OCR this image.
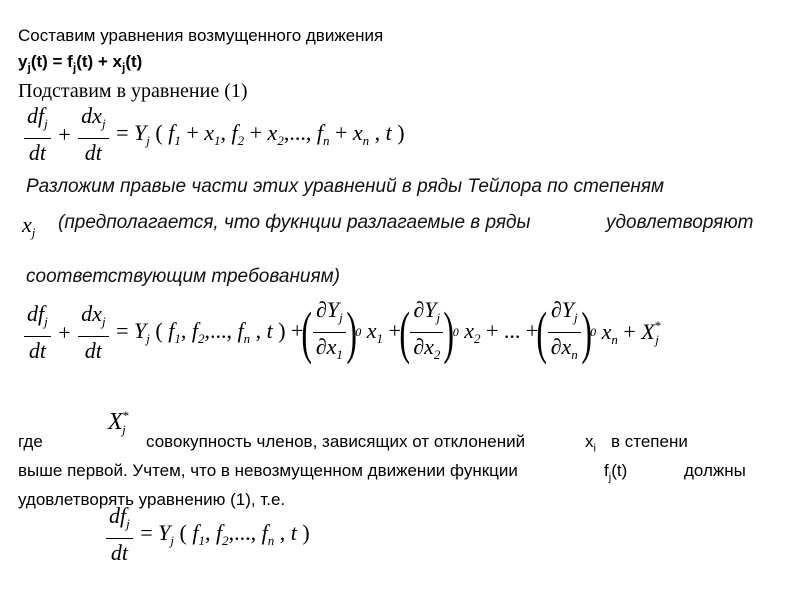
Составим уравнения возмущенного движения
$y_j(t) = f_j(t) + x_j(t)$
Подставим в уравнение (1)
$\frac{df_j}{dt} + \frac{dx_j}{dt} = Y_j$ ( $f_1 + x_1$, $f_2 + x_2$,..., $f_n + x_n$ , t )
Разложим правые части этих уравнений в ряды Тейлора по степеням
$x_j$ (предполагается, что фукнции разлагаемые в ряды	удовлетворяют
соответствующим требованиям)
$\frac{df_j}{dt} + \frac{dx_j}{dt} = Y_j$ ( $f_1$, $f_2$,..., $f_n$ , t ) +
( $\frac{\partial Y_j}{\partial x_1}$ )
0 $x_1$ +
( $\frac{\partial Y_j}{\partial x_2}$ )
0 $x_2$ + ... +
( $\frac{\partial Y_j}{\partial x_n}$ )
0 $x_n + X^*_j$
где
$X^*_j$
совокупность членов, зависящих от отклонений	$x_i$ в степени
выше первой. Учтем, что в невозмущенном движении функции	$f_j(t)$	должны
удовлетворять уравнению (1), т.е.
$\frac{df_j}{dt} = Y_j$ ( $f_1$, $f_2$,..., $f_n$ , t )
